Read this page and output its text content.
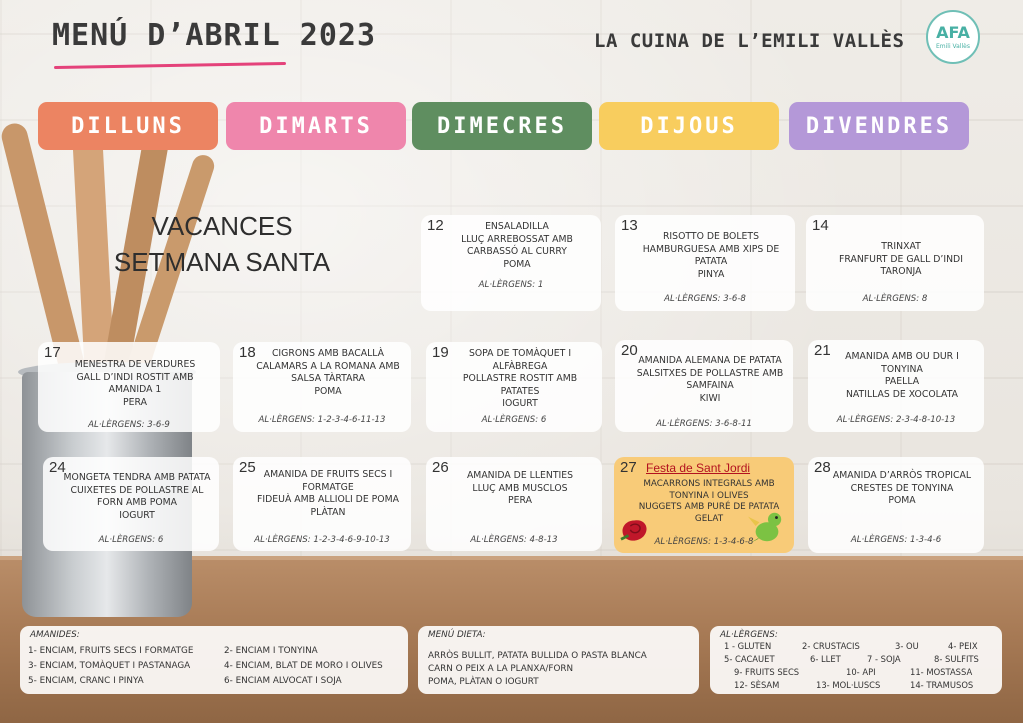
MENÚ D’ABRIL 2023	LA CUINA DE L’EMILI VALLÈS AFA
Emili Vallès
DILLUNS	DIMARTS	DIMECRES	DIJOUS	DIVENDRES
VACANCES
SETMANA SANTA
12	ENSALADILLA
LLUÇ ARREBOSSAT AMB CARBASSÓ AL CURRY
POMA
AL·LÈRGENS: 1
13
RISOTTO DE BOLETS
HAMBURGUESA AMB XIPS DE PATATA
PINYA
AL·LÈRGENS: 3-6-8
14
TRINXAT
FRANFURT DE GALL D’INDI
TARONJA
AL·LÈRGENS: 8
17
MENESTRA DE VERDURES
GALL D’INDI ROSTIT AMB AMANIDA 1
PERA
AL·LÈRGENS: 3-6-9
18	CIGRONS AMB BACALLÀ
CALAMARS A LA ROMANA AMB SALSA TÀRTARA
POMA
AL·LÈRGENS: 1-2-3-4-6-11-13
19	SOPA DE TOMÀQUET I ALFÀBREGA
POLLASTRE ROSTIT AMB PATATES
IOGURT
AL·LÈRGENS: 6
20
AMANIDA ALEMANA DE PATATA
SALSITXES DE POLLASTRE AMB SAMFAINA
KIWI
AL·LÈRGENS: 3-6-8-11
21	AMANIDA AMB OU DUR I TONYINA
PAELLA
NATILLAS DE XOCOLATA
AL·LÈRGENS: 2-3-4-8-10-13
24
MONGETA TENDRA AMB PATATA
CUIXETES DE POLLASTRE AL FORN AMB POMA
IOGURT
AL·LÈRGENS: 6
25 AMANIDA DE FRUITS SECS I FORMATGE
FIDEUÀ AMB ALLIOLI DE POMA
PLÀTAN
AL·LÈRGENS: 1-2-3-4-6-9-10-13
26	AMANIDA DE LLENTIES
LLUÇ AMB MUSCLOS
PERA
AL·LÈRGENS: 4-8-13
27 Festa de Sant Jordi
MACARRONS INTEGRALS AMB TONYINA I OLIVES
NUGGETS AMB PURÉ DE PATATA
GELAT
AL·LÈRGENS: 1-3-4-6-8
28 AMANIDA D’ARRÒS TROPICAL
CRESTES DE TONYINA
POMA
AL·LÈRGENS: 1-3-4-6
AMANIDES:
1- ENCIAM, FRUITS SECS I FORMATGE	2- ENCIAM I TONYINA
3- ENCIAM, TOMÀQUET I PASTANAGA	4- ENCIAM, BLAT DE MORO I OLIVES
5- ENCIAM, CRANC I PINYA	6- ENCIAM ALVOCAT I SOJA
MENÚ DIETA:
ARRÒS BULLIT, PATATA BULLIDA O PASTA BLANCA
CARN O PEIX A LA PLANXA/FORN
POMA, PLÀTAN O IOGURT
AL·LÈRGENS:
1 - GLUTEN	2- CRUSTACIS	3- OU	4- PEIX
5- CACAUET	6- LLET	7 - SOJA	8- SULFITS
9- FRUITS SECS	10- API	11- MOSTASSA
12- SÈSAM	13- MOL·LUSCS	14- TRAMUSOS
